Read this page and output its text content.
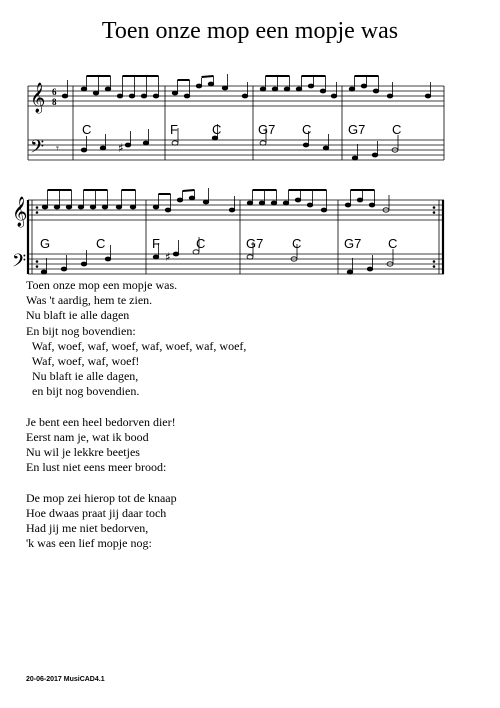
Toen onze mop een mopje was
𝄞
𝄢
6
8
♯
𝄾
C	F	C	G7 C	G7 C
𝄞
𝄢	♯
G	C	F	C	G7 C	G7 C
Toen onze mop een mopje was.
Was 't aardig, hem te zien.
Nu blaft ie alle dagen
En bijt nog bovendien:
Waf, woef, waf, woef, waf, woef, waf, woef,
Waf, woef, waf, woef!
Nu blaft ie alle dagen,
en bijt nog bovendien.
Je bent een heel bedorven dier!
Eerst nam je, wat ik bood
Nu wil je lekkre beetjes
En lust niet eens meer brood:
De mop zei hierop tot de knaap
Hoe dwaas praat jij daar toch
Had jij me niet bedorven,
'k was een lief mopje nog:
20-06-2017 MusiCAD4.1
